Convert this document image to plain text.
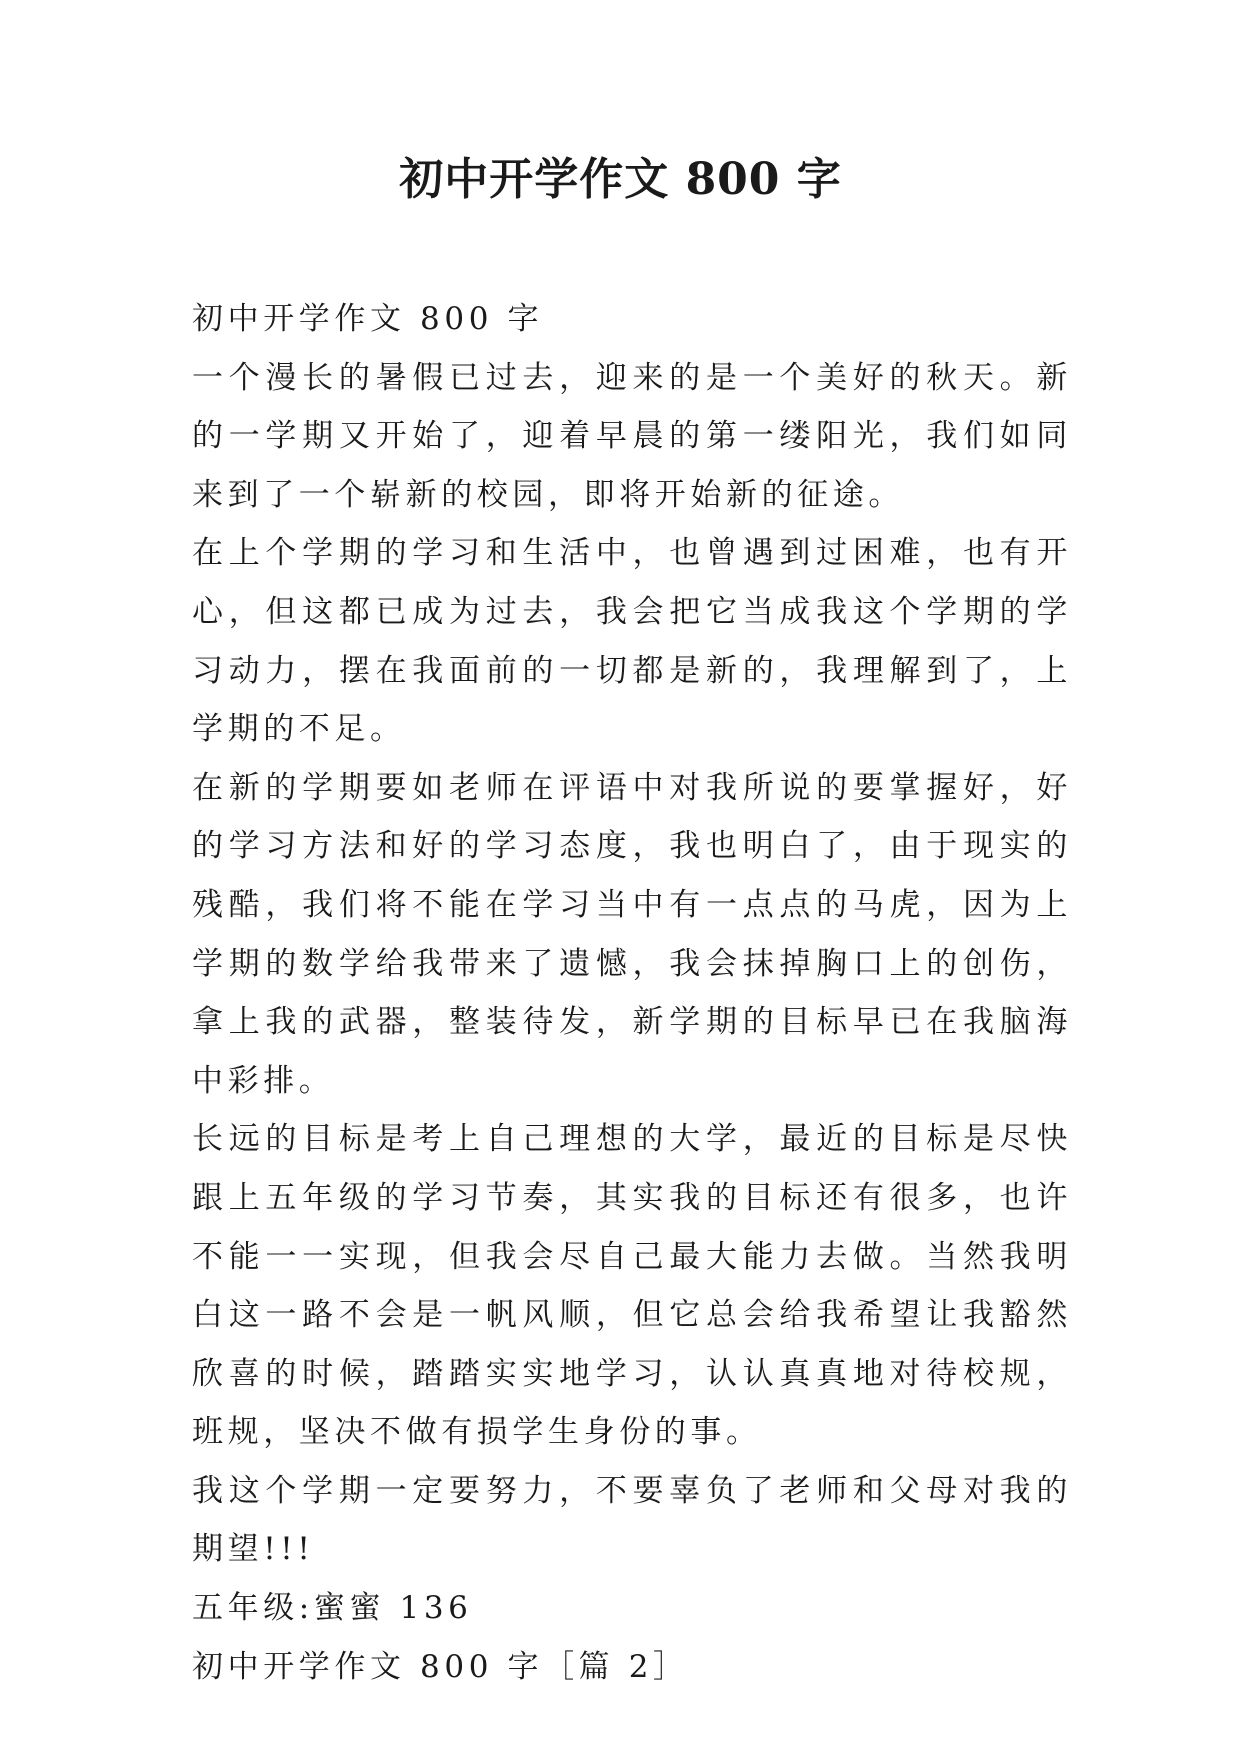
初中开学作文 800 字

初中开学作文 800 字

一个漫长的暑假已过去，迎来的是一个美好的秋天。新的一学期又开始了，迎着早晨的第一缕阳光，我们如同来到了一个崭新的校园，即将开始新的征途。

在上个学期的学习和生活中，也曾遇到过困难，也有开心，但这都已成为过去，我会把它当成我这个学期的学习动力，摆在我面前的一切都是新的，我理解到了，上学期的不足。

在新的学期要如老师在评语中对我所说的要掌握好，好的学习方法和好的学习态度，我也明白了，由于现实的残酷，我们将不能在学习当中有一点点的马虎，因为上学期的数学给我带来了遗憾，我会抹掉胸口上的创伤，拿上我的武器，整装待发，新学期的目标早已在我脑海中彩排。

长远的目标是考上自己理想的大学，最近的目标是尽快跟上五年级的学习节奏，其实我的目标还有很多，也许不能一一实现，但我会尽自己最大能力去做。当然我明白这一路不会是一帆风顺，但它总会给我希望让我豁然欣喜的时候，踏踏实实地学习，认认真真地对待校规，班规，坚决不做有损学生身份的事。

我这个学期一定要努力，不要辜负了老师和父母对我的期望!!!

五年级:蜜蜜 136

初中开学作文 800 字［篇 2］
